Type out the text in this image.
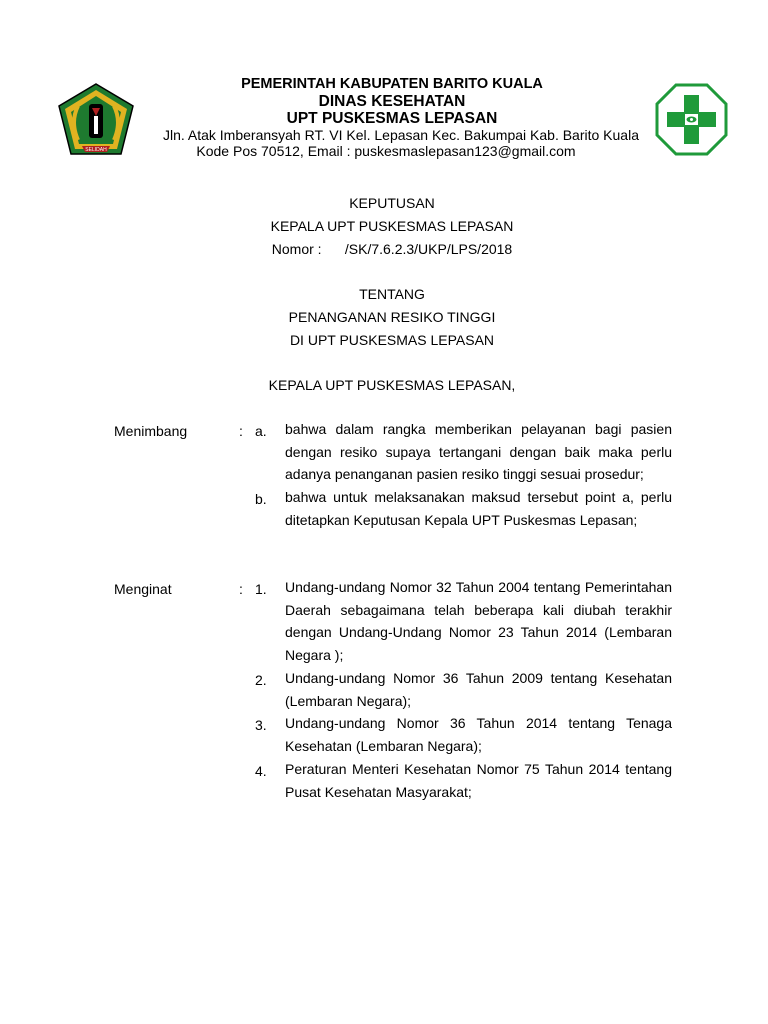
SELIDAH
PEMERINTAH KABUPATEN BARITO KUALA
DINAS KESEHATAN
UPT PUSKESMAS LEPASAN
Jln. Atak Imberansyah RT. VI Kel. Lepasan Kec. Bakumpai Kab. Barito Kuala
Kode Pos 70512, Email : puskesmaslepasan123@gmail.com
KEPUTUSAN
KEPALA UPT PUSKESMAS LEPASAN
Nomor :      /SK/7.6.2.3/UKP/LPS/2018
TENTANG
PENANGANAN RESIKO TINGGI
DI UPT PUSKESMAS LEPASAN
KEPALA UPT PUSKESMAS LEPASAN,
Menimbang	: a. bahwa dalam rangka memberikan pelayanan bagi pasien dengan resiko supaya tertangani dengan baik maka perlu adanya penanganan pasien resiko tinggi sesuai prosedur;
b. bahwa untuk melaksanakan maksud tersebut point a, perlu ditetapkan Keputusan Kepala UPT Puskesmas Lepasan;
Menginat	: 1. Undang-undang Nomor 32 Tahun 2004 tentang Pemerintahan Daerah sebagaimana telah beberapa kali diubah terakhir dengan Undang-Undang Nomor 23 Tahun 2014 (Lembaran Negara );
2. Undang-undang Nomor 36 Tahun 2009 tentang Kesehatan (Lembaran Negara);
3. Undang-undang Nomor 36 Tahun 2014 tentang Tenaga Kesehatan (Lembaran Negara);
4. Peraturan Menteri Kesehatan Nomor 75 Tahun 2014 tentang Pusat Kesehatan Masyarakat;
